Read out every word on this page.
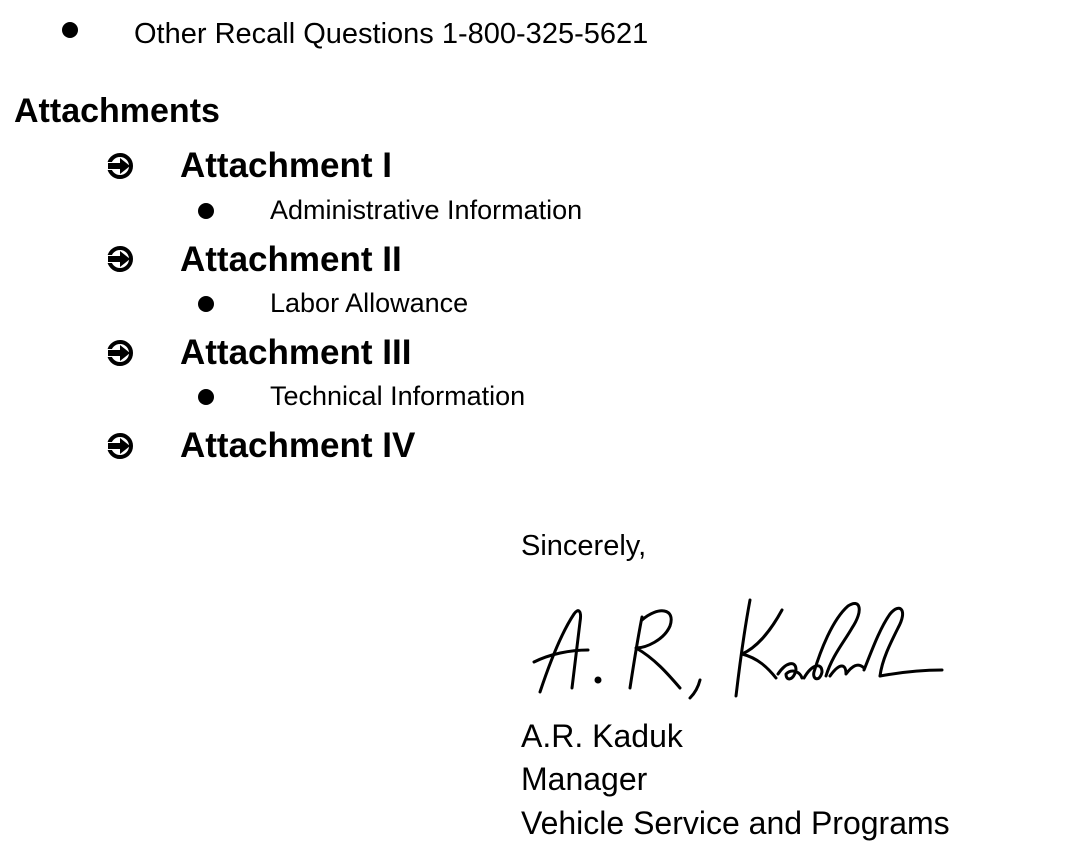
Other Recall Questions 1-800-325-5621
Attachments
Attachment I
Administrative Information
Attachment II
Labor Allowance
Attachment III
Technical Information
Attachment IV
Sincerely,
A.R. Kaduk
Manager
Vehicle Service and Programs
